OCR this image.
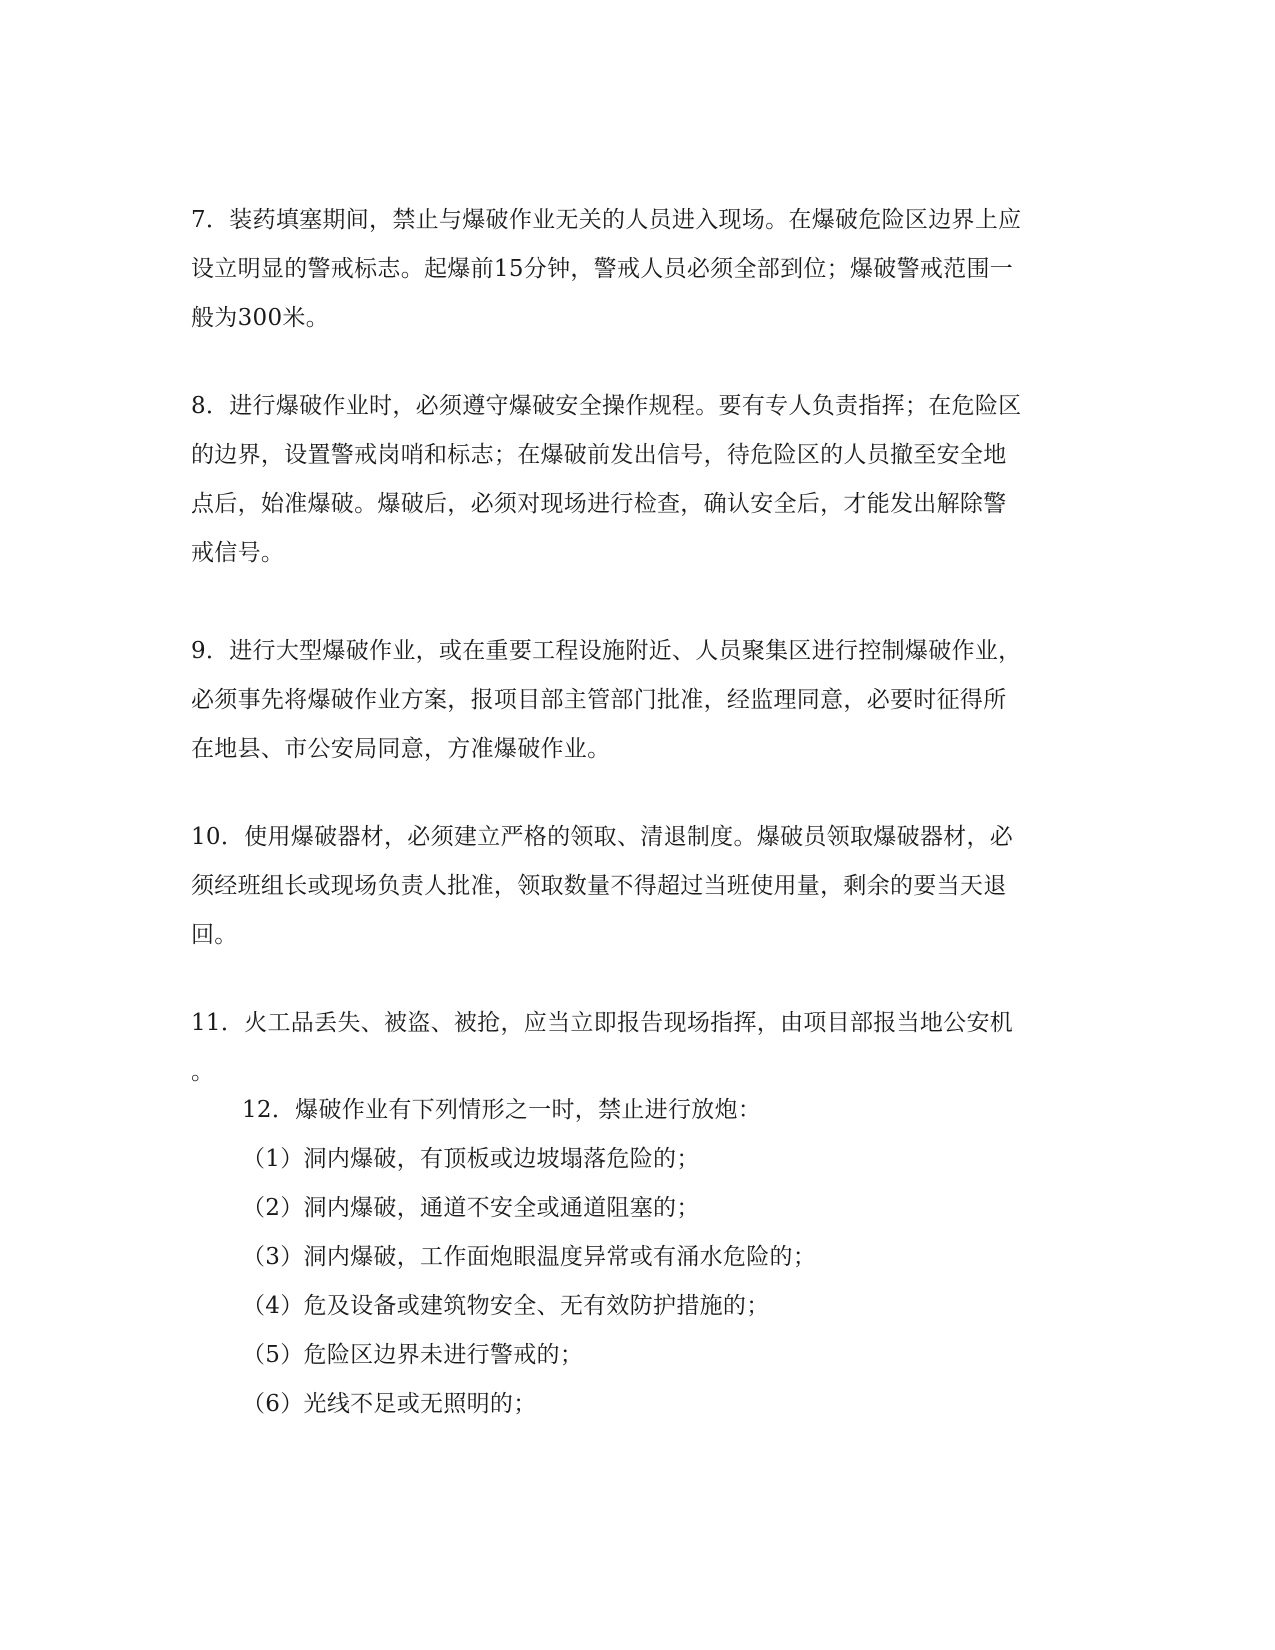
7．装药填塞期间，禁止与爆破作业无关的人员进入现场。在爆破危险区边界上应
设立明显的警戒标志。起爆前15分钟，警戒人员必须全部到位；爆破警戒范围一
般为300米。

8．进行爆破作业时，必须遵守爆破安全操作规程。要有专人负责指挥；在危险区
的边界，设置警戒岗哨和标志；在爆破前发出信号，待危险区的人员撤至安全地
点后，始准爆破。爆破后，必须对现场进行检查，确认安全后，才能发出解除警
戒信号。

9．进行大型爆破作业，或在重要工程设施附近、人员聚集区进行控制爆破作业，
必须事先将爆破作业方案，报项目部主管部门批准，经监理同意，必要时征得所
在地县、市公安局同意，方准爆破作业。

10．使用爆破器材，必须建立严格的领取、清退制度。爆破员领取爆破器材，必
须经班组长或现场负责人批准，领取数量不得超过当班使用量，剩余的要当天退
回。

11．火工品丢失、被盗、被抢，应当立即报告现场指挥，由项目部报当地公安机
。

12．爆破作业有下列情形之一时，禁止进行放炮：

（1）洞内爆破，有顶板或边坡塌落危险的；

（2）洞内爆破，通道不安全或通道阻塞的；

（3）洞内爆破，工作面炮眼温度异常或有涌水危险的；

（4）危及设备或建筑物安全、无有效防护措施的；

（5）危险区边界未进行警戒的；

（6）光线不足或无照明的；
